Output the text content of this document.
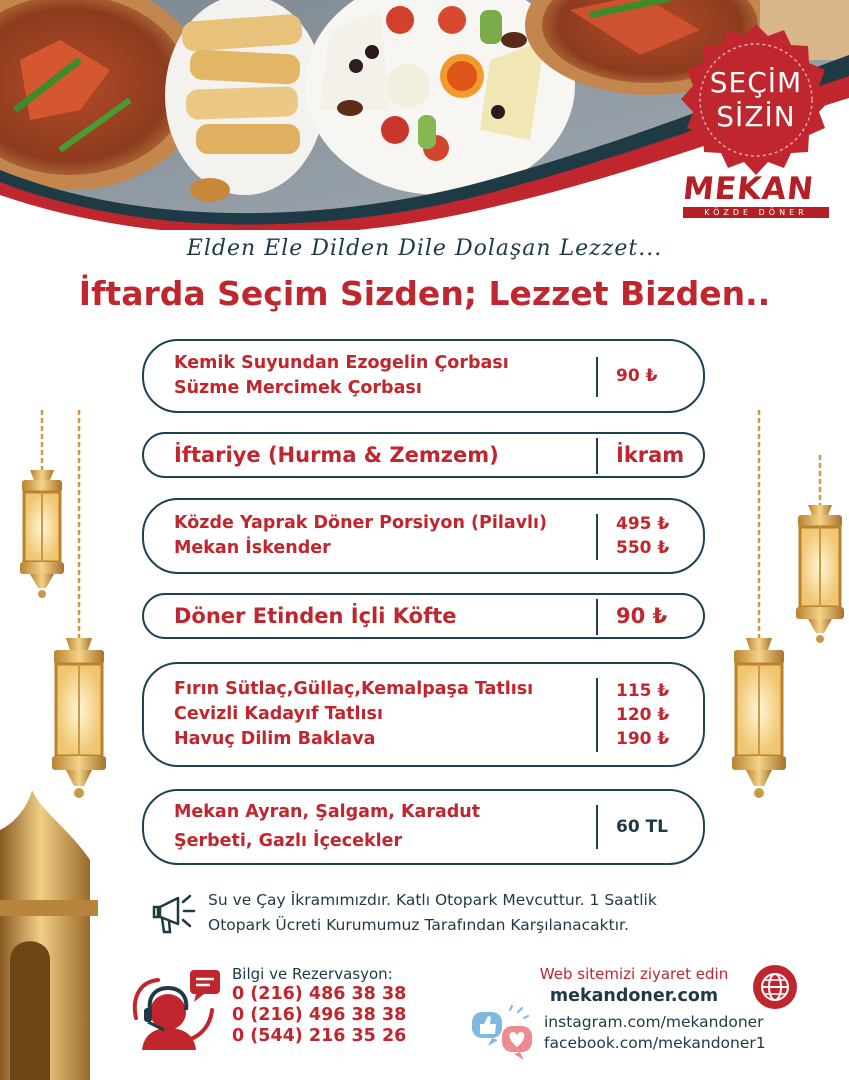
SEÇİM
SİZİN
MEKAN
KÖZDE DÖNER
Elden Ele Dilden Dile Dolaşan Lezzet...
İftarda Seçim Sizden; Lezzet Bizden..
Kemik Suyundan Ezogelin Çorbası
Süzme Mercimek Çorbası
90 ₺
İftariye (Hurma & Zemzem)	İkram
Közde Yaprak Döner Porsiyon (Pilavlı)
Mekan İskender
495 ₺
550 ₺
Döner Etinden İçli Köfte	90 ₺
Fırın Sütlaç,Güllaç,Kemalpaşa Tatlısı
Cevizli Kadayıf Tatlısı
Havuç Dilim Baklava
115 ₺
120 ₺
190 ₺
Mekan Ayran, Şalgam, Karadut
Şerbeti, Gazlı İçecekler
60 TL
Su ve Çay İkramımızdır. Katlı Otopark Mevcuttur. 1 Saatlik
Otopark Ücreti Kurumumuz Tarafından Karşılanacaktır.
Bilgi ve Rezervasyon:
0 (216) 486 38 38
0 (216) 496 38 38
0 (544) 216 35 26
Web sitemizi ziyaret edin
mekandoner.com
instagram.com/mekandoner
facebook.com/mekandoner1
